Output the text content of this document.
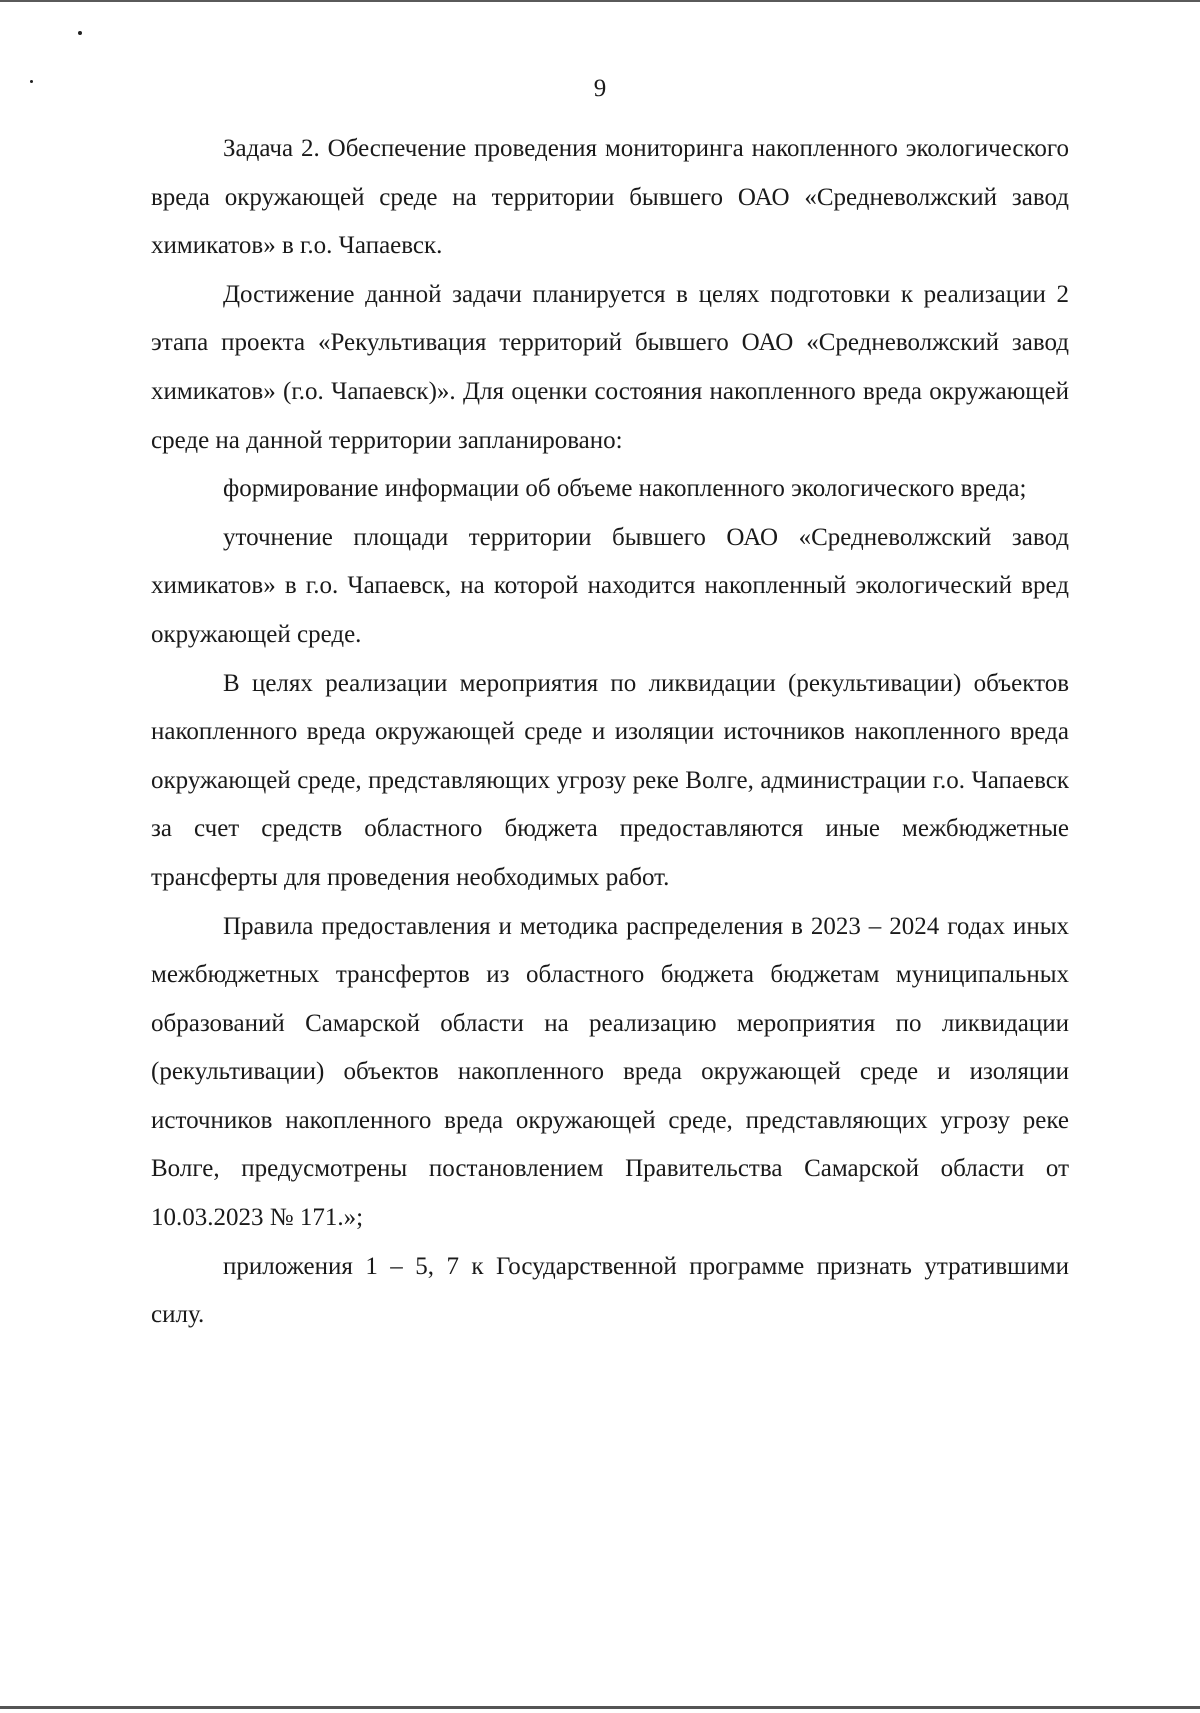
9

Задача 2. Обеспечение проведения мониторинга накопленного экологического вреда окружающей среде на территории бывшего ОАО «Средневолжский завод химикатов» в г.о. Чапаевск.

Достижение данной задачи планируется в целях подготовки к реализации 2 этапа проекта «Рекультивация территорий бывшего ОАО «Средневолжский завод химикатов» (г.о. Чапаевск)». Для оценки состояния накопленного вреда окружающей среде на данной территории запланировано:

формирование информации об объеме накопленного экологического вреда;

уточнение площади территории бывшего ОАО «Средневолжский завод химикатов» в г.о. Чапаевск, на которой находится накопленный экологический вред окружающей среде.

В целях реализации мероприятия по ликвидации (рекультивации) объектов накопленного вреда окружающей среде и изоляции источников накопленного вреда окружающей среде, представляющих угрозу реке Волге, администрации г.о. Чапаевск за счет средств областного бюджета предоставляются иные межбюджетные трансферты для проведения необходимых работ.

Правила предоставления и методика распределения в 2023 – 2024 годах иных межбюджетных трансфертов из областного бюджета бюджетам муниципальных образований Самарской области на реализацию мероприятия по ликвидации (рекультивации) объектов накопленного вреда окружающей среде и изоляции источников накопленного вреда окружающей среде, представляющих угрозу реке Волге, предусмотрены постановлением Правительства Самарской области от 10.03.2023 № 171.»;

приложения 1 – 5, 7 к Государственной программе признать утратившими силу.
